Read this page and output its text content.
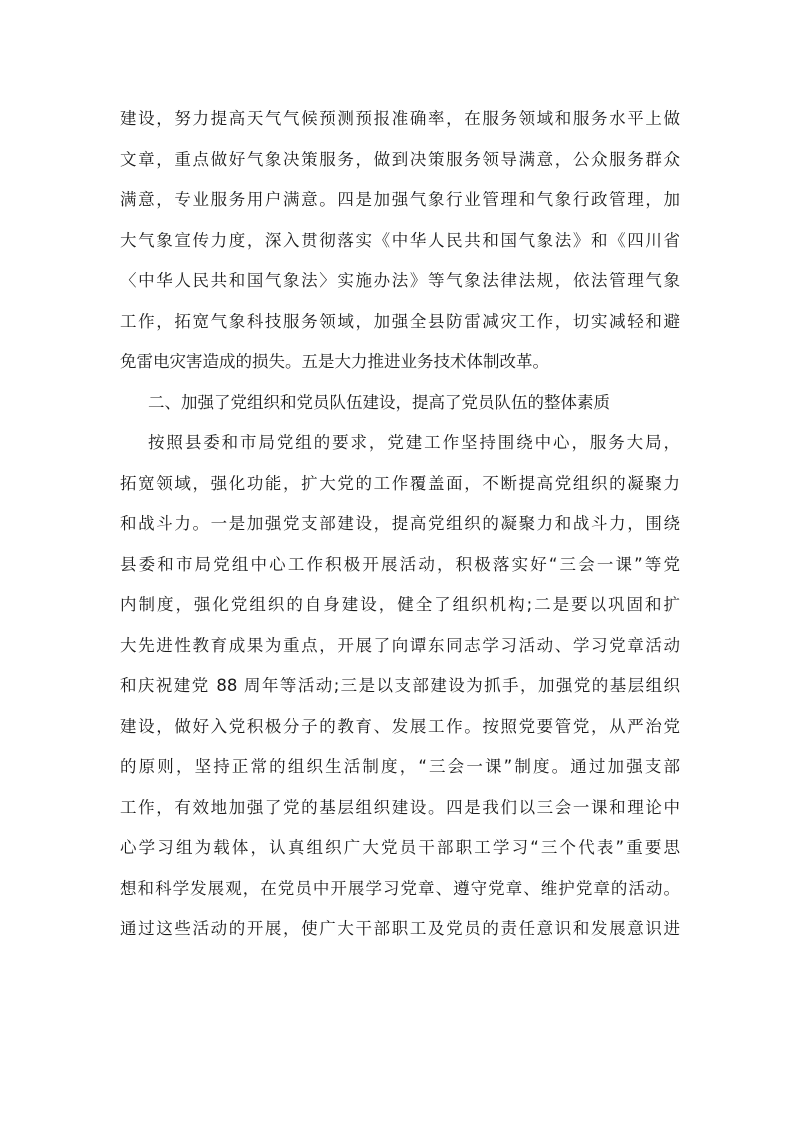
建设，努力提高天气气候预测预报准确率，在服务领域和服务水平上做
文章，重点做好气象决策服务，做到决策服务领导满意，公众服务群众
满意，专业服务用户满意。四是加强气象行业管理和气象行政管理，加
大气象宣传力度，深入贯彻落实《中华人民共和国气象法》和《四川省
〈中华人民共和国气象法〉实施办法》等气象法律法规，依法管理气象
工作，拓宽气象科技服务领域，加强全县防雷减灾工作，切实减轻和避
免雷电灾害造成的损失。五是大力推进业务技术体制改革。
二、加强了党组织和党员队伍建设，提高了党员队伍的整体素质
按照县委和市局党组的要求，党建工作坚持围绕中心，服务大局，
拓宽领域，强化功能，扩大党的工作覆盖面，不断提高党组织的凝聚力
和战斗力。一是加强党支部建设，提高党组织的凝聚力和战斗力，围绕
县委和市局党组中心工作积极开展活动，积极落实好“三会一课”等党
内制度，强化党组织的自身建设，健全了组织机构;二是要以巩固和扩
大先进性教育成果为重点，开展了向谭东同志学习活动、学习党章活动
和庆祝建党 88 周年等活动;三是以支部建设为抓手，加强党的基层组织
建设，做好入党积极分子的教育、发展工作。按照党要管党，从严治党
的原则，坚持正常的组织生活制度，“三会一课”制度。通过加强支部
工作，有效地加强了党的基层组织建设。四是我们以三会一课和理论中
心学习组为载体，认真组织广大党员干部职工学习“三个代表”重要思
想和科学发展观，在党员中开展学习党章、遵守党章、维护党章的活动。
通过这些活动的开展，使广大干部职工及党员的责任意识和发展意识进
